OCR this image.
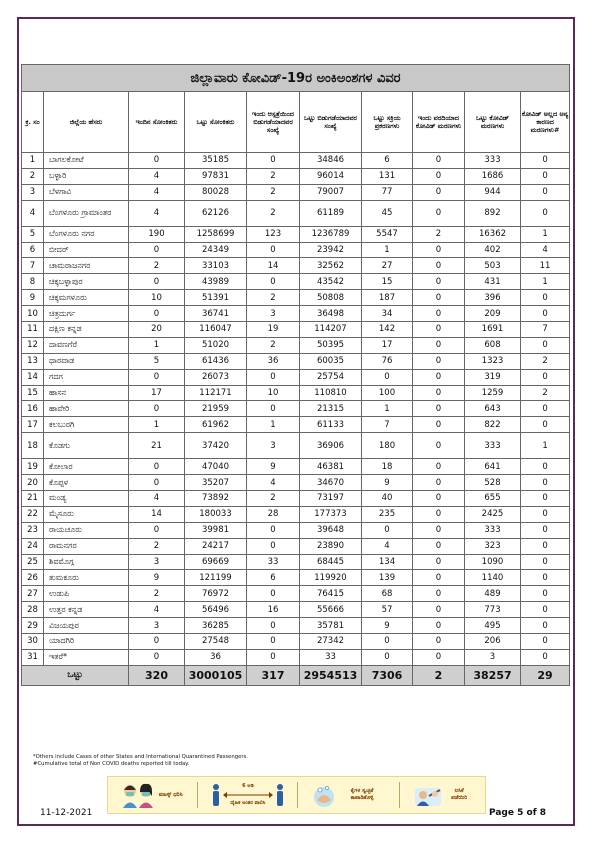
ಜಿಲ್ಲಾವಾರು ಕೋವಿಡ್-19ರ ಅಂಕಿಅಂಶಗಳ ವಿವರ									
ಕ್ರ. ಸಂ	ಜಿಲ್ಲೆಯ ಹೆಸರು	ಇಂದಿನ ಸೋಂಕಿತರು	ಒಟ್ಟು ಸೋಂಕಿತರು	ಇಂದು ಆಸ್ಪತ್ರೆಯಿಂದ ಬಿಡುಗಡೆಯಾದವರ ಸಂಖ್ಯೆ	ಒಟ್ಟು ಬಿಡುಗಡೆಯಾದವರ ಸಂಖ್ಯೆ	ಒಟ್ಟು ಸಕ್ರಿಯ ಪ್ರಕರಣಗಳು	ಇಂದು ವರದಿಯಾದ ಕೋವಿಡ್ ಮರಣಗಳು	ಒಟ್ಟು ಕೋವಿಡ್ ಮರಣಗಳು	ಕೋವಿಡ್ ಅಲ್ಲದ ಅನ್ಯ ಕಾರಣದ ಮರಣಗಳು#
1	ಬಾಗಲಕೋಟೆ	0	35185	0	34846	6	0	333	0
2	ಬಳ್ಳಾರಿ	4	97831	2	96014	131	0	1686	0
3	ಬೆಳಗಾವಿ	4	80028	2	79007	77	0	944	0
4	ಬೆಂಗಳೂರು ಗ್ರಾಮಾಂತರ	4	62126	2	61189	45	0	892	0
5	ಬೆಂಗಳೂರು ನಗರ	190	1258699	123	1236789	5547	2	16362	1
6	ಬೀದರ್	0	24349	0	23942	1	0	402	4
7	ಚಾಮರಾಜನಗರ	2	33103	14	32562	27	0	503	11
8	ಚಿಕ್ಕಬಳ್ಳಾಪುರ	0	43989	0	43542	15	0	431	1
9	ಚಿಕ್ಕಮಗಳೂರು	10	51391	2	50808	187	0	396	0
10	ಚಿತ್ರದುರ್ಗ	0	36741	3	36498	34	0	209	0
11	ದಕ್ಷಿಣ ಕನ್ನಡ	20	116047	19	114207	142	0	1691	7
12	ದಾವಣಗೆರೆ	1	51020	2	50395	17	0	608	0
13	ಧಾರವಾಡ	5	61436	36	60035	76	0	1323	2
14	ಗದಗ	0	26073	0	25754	0	0	319	0
15	ಹಾಸನ	17	112171	10	110810	100	0	1259	2
16	ಹಾವೇರಿ	0	21959	0	21315	1	0	643	0
17	ಕಲಬುರಗಿ	1	61962	1	61133	7	0	822	0
18	ಕೊಡಗು	21	37420	3	36906	180	0	333	1
19	ಕೋಲಾರ	0	47040	9	46381	18	0	641	0
20	ಕೊಪ್ಪಳ	0	35207	4	34670	9	0	528	0
21	ಮಂಡ್ಯ	4	73892	2	73197	40	0	655	0
22	ಮೈಸೂರು	14	180033	28	177373	235	0	2425	0
23	ರಾಯಚೂರು	0	39981	0	39648	0	0	333	0
24	ರಾಮನಗರ	2	24217	0	23890	4	0	323	0
25	ಶಿವಮೊಗ್ಗ	3	69669	33	68445	134	0	1090	0
26	ತುಮಕೂರು	9	121199	6	119920	139	0	1140	0
27	ಉಡುಪಿ	2	76972	0	76415	68	0	489	0
28	ಉತ್ತರ ಕನ್ನಡ	4	56496	16	55666	57	0	773	0
29	ವಿಜಯಪುರ	3	36285	0	35781	9	0	495	0
30	ಯಾದಗಿರಿ	0	27548	0	27342	0	0	206	0
31	ಇತರೆ*	0	36	0	33	0	0	3	0
ಒಟ್ಟು		320	3000105	317	2954513	7306	2	38257	29
*Others include Cases of other States and International Quarantined Passengers.
#Cumulative total of Non COVID deaths reported till today.
ಮಾಸ್ಕ್ ಧರಿಸಿ
6 ಅಡಿ
ದೈಹಿಕ ಅಂತರ ಪಾಲಿಸಿ
ಕೈಗಳ ಸ್ವಚ್ಛತೆ ಕಾಪಾಡಿಕೊಳ್ಳಿ
ಲಸಿಕೆ ಪಡೆಯಿರಿ
11-12-2021	Page 5 of 8
